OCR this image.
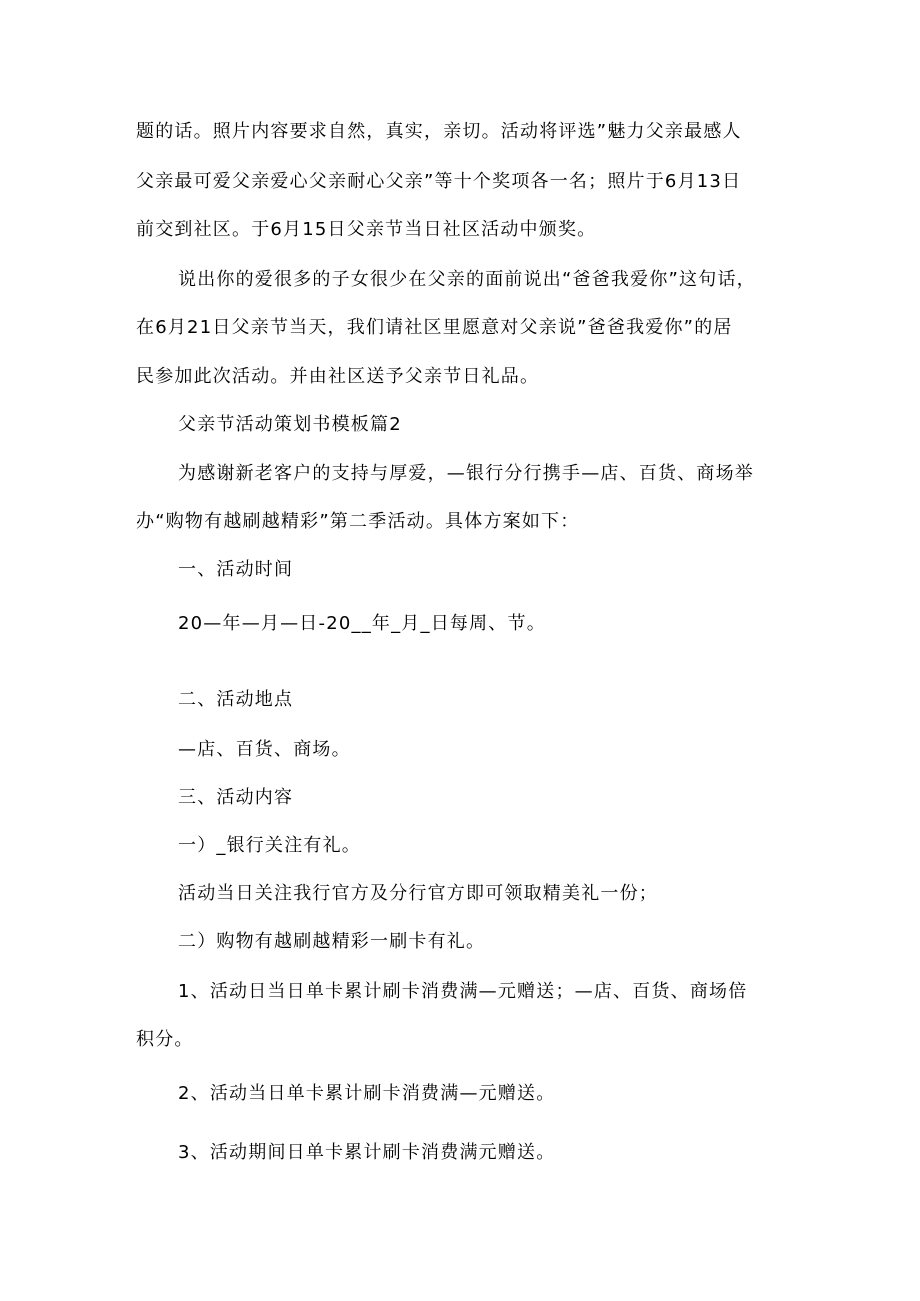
题的话。照片内容要求自然，真实，亲切。活动将评选”魅力父亲最感人
父亲最可爱父亲爱心父亲耐心父亲”等十个奖项各一名；照片于6月13日
前交到社区。于6月15日父亲节当日社区活动中颁奖。
说出你的爱很多的子女很少在父亲的面前说出“爸爸我爱你”这句话，
在6月21日父亲节当天，我们请社区里愿意对父亲说”爸爸我爱你”的居
民参加此次活动。并由社区送予父亲节日礼品。
父亲节活动策划书模板篇2
为感谢新老客户的支持与厚爱，—银行分行携手—店、百货、商场举
办“购物有越刷越精彩”第二季活动。具体方案如下：
一、活动时间
20—年—月—日-20__年_月_日每周、节。
二、活动地点
—店、百货、商场。
三、活动内容
一）_银行关注有礼。
活动当日关注我行官方及分行官方即可领取精美礼一份；
二）购物有越刷越精彩一刷卡有礼。
1、活动日当日单卡累计刷卡消费满—元赠送；—店、百货、商场倍
积分。
2、活动当日单卡累计刷卡消费满—元赠送。
3、活动期间日单卡累计刷卡消费满元赠送。
